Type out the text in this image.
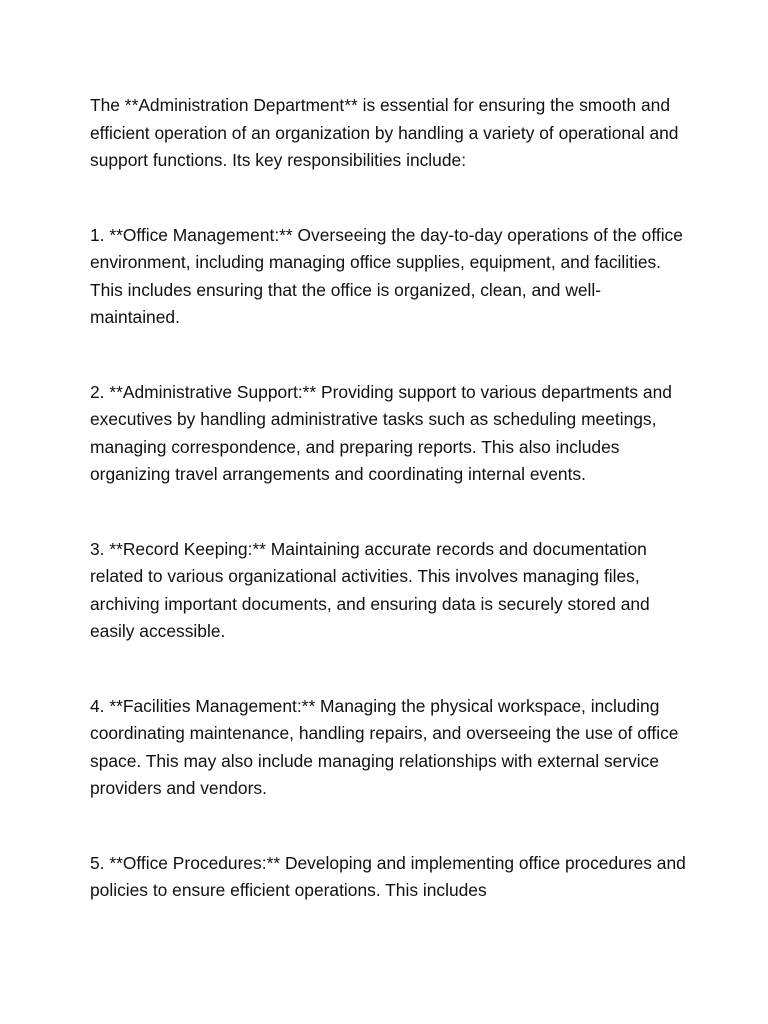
The **Administration Department** is essential for ensuring the smooth and efficient operation of an organization by handling a variety of operational and support functions. Its key responsibilities include:

1. **Office Management:** Overseeing the day-to-day operations of the office environment, including managing office supplies, equipment, and facilities. This includes ensuring that the office is organized, clean, and well-maintained.

2. **Administrative Support:** Providing support to various departments and executives by handling administrative tasks such as scheduling meetings, managing correspondence, and preparing reports. This also includes organizing travel arrangements and coordinating internal events.

3. **Record Keeping:** Maintaining accurate records and documentation related to various organizational activities. This involves managing files, archiving important documents, and ensuring data is securely stored and easily accessible.

4. **Facilities Management:** Managing the physical workspace, including coordinating maintenance, handling repairs, and overseeing the use of office space. This may also include managing relationships with external service providers and vendors.

5. **Office Procedures:** Developing and implementing office procedures and policies to ensure efficient operations. This includes
